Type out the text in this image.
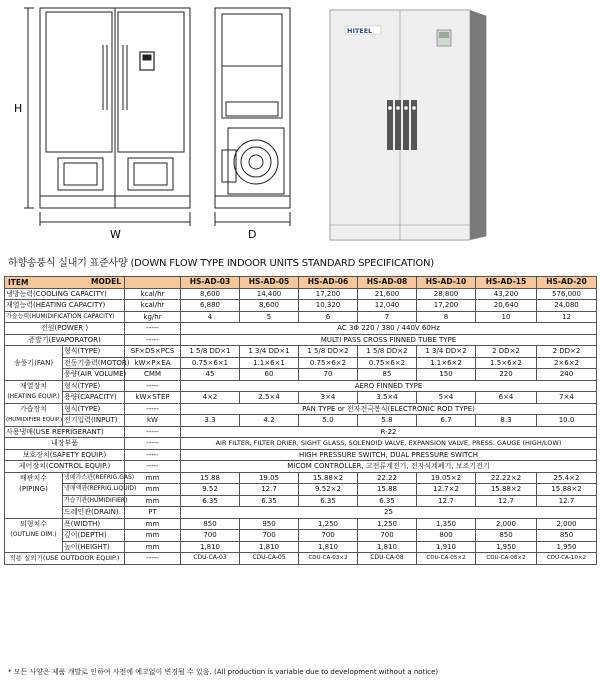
H
W	D
HITEEL
하향송풍식 실내기 표준사양 (DOWN FLOW TYPE INDOOR UNITS STANDARD SPECIFICATION)
ITEM MODEL			HS-AD-03	HS-AD-05	HS-AD-06	HS-AD-08	HS-AD-10	HS-AD-15	HS-AD-20
냉방능력(COOLING CAPACITY)		kcal/hr	8,600	14,400	17,200	21,600	28,800	43,200	576,000
재열능력(HEATING CAPACITY)		kcal/hr	6,880	8,600	10,320	12,040	17,200	20,640	24,080
가습능력(HUMIDIFICATION CAPACITY)		kg/hr	4	5	6	7	8	10	12
전원(POWER )		-----	AC 3Φ 220 / 380 / 440V 60Hz						
증발기(EVAPORATOR)		-----	MULTI PASS CROSS FINNED TUBE TYPE						
송풍기(FAN)	형식(TYPE)	SF×DS×PCS	1 5/8 DD×1	1 3/4 DD×1	1 5/8 DD×2	1 5/8 DD×2	1 3/4 DD×2	2 DD×2	2 DD×2
	전동기출력(MOTOR)	kW×P×EA	0.75×6×1	1.1×6×1	0.75×6×2	0.75×6×2	1.1×6×2	1.5×6×2	2×6×2
	풍량(AIR VOLUME)	CMM	45	60	70	85	150	220	240
재열장치	형식(TYPE)	-----	AERO FINNED TYPE						
(HEATING EQUIP.)	용량(CAPACITY)	kW×STEP	4×2	2.5×4	3×4	3.5×4	5×4	6×4	7×4
가습장치	형식(TYPE)	-----	PAN TYPE or 전자전극봉식(ELECTRONIC ROD TYPE)						
(HUMIDIFIER EQUIP.)	전기입력(INPUT)	kW	3.3	4.2	5.0	5.8	6.7	8.3	10.0
사용냉매(USE REFRIGERANT)		-----	R-22						
내장부품		-----	AIR FILTER, FILTER DRIER, SIGHT GLASS, SOLENOID VALVE, EXPANSION VALVE, PRESS. GAUGE (HIGH/LOW)						
보호장치(SAFETY EQUIP.)		-----	HIGH PRESSURE SWITCH, DUAL PRESSURE SWITCH						
제어장치(CONTROL EQUIP.)		-----	MICOM CONTROLLER, 고전류계전기, 전자식계폐기, 보조기전기						
배관치수	냉매가스관(REFRIG.GAS)	mm	15.88	19.05	15.88×2	22.22	19.05×2	22.22×2	25.4×2
(PIPING)	냉매액관(REFRIG.LIQUID)	mm	9.52	12.7	9.52×2	15.88	12.7×2	15.88×2	15.88×2
	가습기관(HUMIDIFIER)	mm	6.35	6.35	6.35	6.35	12.7	12.7	12.7
	드레인관(DRAIN)	PT	25						
외형치수	폭(WIDTH)	mm	850	950	1,250	1,250	1,350	2,000	2,000
(OUTLINE DIM.)	깊이(DEPTH)	mm	700	700	700	700	800	850	850
	높이(HEIGHT)	mm	1,810	1,810	1,810	1,810	1,910	1,950	1,950
적용 실외기(USE OUTDOOR EQUIP.)		-----	CDU-CA-03	CDU-CA-05	CDU-CA-03×2	CDU-CA-08	CDU-CA-05×2	CDU-CA-08×2	CDU-CA-10×2
* 모든 사양은 제품 개발로 인하여 사전에 예고없이 변경될 수 있음. (All production is variable due to development without a notice)
